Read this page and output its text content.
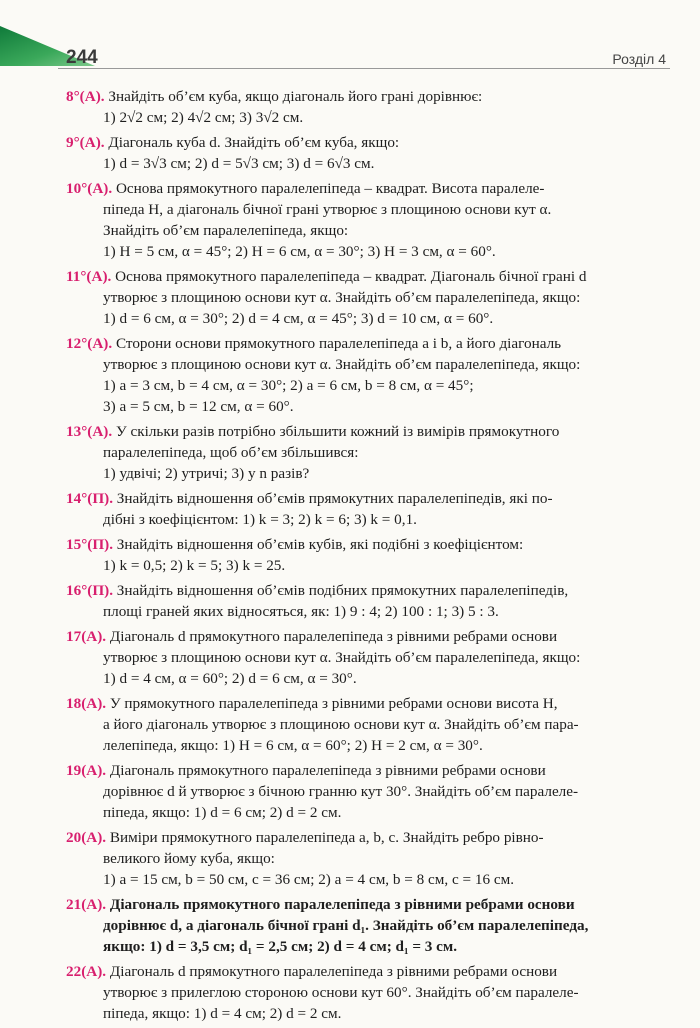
244	Розділ 4
8°(А). Знайдіть об’єм куба, якщо діагональ його грані дорівнює:
1) 2√2 см; 2) 4√2 см; 3) 3√2 см.
9°(А). Діагональ куба d. Знайдіть об’єм куба, якщо:
1) d = 3√3 см; 2) d = 5√3 см; 3) d = 6√3 см.
10°(А). Основа прямокутного паралелепіпеда – квадрат. Висота паралеле-
піпеда H, а діагональ бічної грані утворює з площиною основи кут α.
Знайдіть об’єм паралелепіпеда, якщо:
1) H = 5 см, α = 45°; 2) H = 6 см, α = 30°; 3) H = 3 см, α = 60°.
11°(А). Основа прямокутного паралелепіпеда – квадрат. Діагональ бічної грані d
утворює з площиною основи кут α. Знайдіть об’єм паралелепіпеда, якщо:
1) d = 6 см, α = 30°; 2) d = 4 см, α = 45°; 3) d = 10 см, α = 60°.
12°(А). Сторони основи прямокутного паралелепіпеда a і b, а його діагональ
утворює з площиною основи кут α. Знайдіть об’єм паралелепіпеда, якщо:
1) a = 3 см, b = 4 см, α = 30°; 2) a = 6 см, b = 8 см, α = 45°;
3) a = 5 см, b = 12 см, α = 60°.
13°(А). У скільки разів потрібно збільшити кожний із вимірів прямокутного
паралелепіпеда, щоб об’єм збільшився:
1) удвічі; 2) утричі; 3) у n разів?
14°(П). Знайдіть відношення об’ємів прямокутних паралелепіпедів, які по-
дібні з коефіцієнтом: 1) k = 3; 2) k = 6; 3) k = 0,1.
15°(П). Знайдіть відношення об’ємів кубів, які подібні з коефіцієнтом:
1) k = 0,5; 2) k = 5; 3) k = 25.
16°(П). Знайдіть відношення об’ємів подібних прямокутних паралелепіпедів,
площі граней яких відносяться, як: 1) 9 : 4; 2) 100 : 1; 3) 5 : 3.
17(А). Діагональ d прямокутного паралелепіпеда з рівними ребрами основи
утворює з площиною основи кут α. Знайдіть об’єм паралелепіпеда, якщо:
1) d = 4 см, α = 60°; 2) d = 6 см, α = 30°.
18(А). У прямокутного паралелепіпеда з рівними ребрами основи висота H,
а його діагональ утворює з площиною основи кут α. Знайдіть об’єм пара-
лелепіпеда, якщо: 1) H = 6 см, α = 60°; 2) H = 2 см, α = 30°.
19(А). Діагональ прямокутного паралелепіпеда з рівними ребрами основи
дорівнює d й утворює з бічною гранню кут 30°. Знайдіть об’єм паралеле-
піпеда, якщо: 1) d = 6 см; 2) d = 2 см.
20(А). Виміри прямокутного паралелепіпеда a, b, c. Знайдіть ребро рівно-
великого йому куба, якщо:
1) a = 15 см, b = 50 см, c = 36 см; 2) a = 4 см, b = 8 см, c = 16 см.
21(А). Діагональ прямокутного паралелепіпеда з рівними ребрами основи
дорівнює d, а діагональ бічної грані d₁. Знайдіть об’єм паралелепіпеда,
якщо: 1) d = 3,5 см; d₁ = 2,5 см; 2) d = 4 см; d₁ = 3 см.
22(А). Діагональ d прямокутного паралелепіпеда з рівними ребрами основи
утворює з прилеглою стороною основи кут 60°. Знайдіть об’єм паралеле-
піпеда, якщо: 1) d = 4 см; 2) d = 2 см.
